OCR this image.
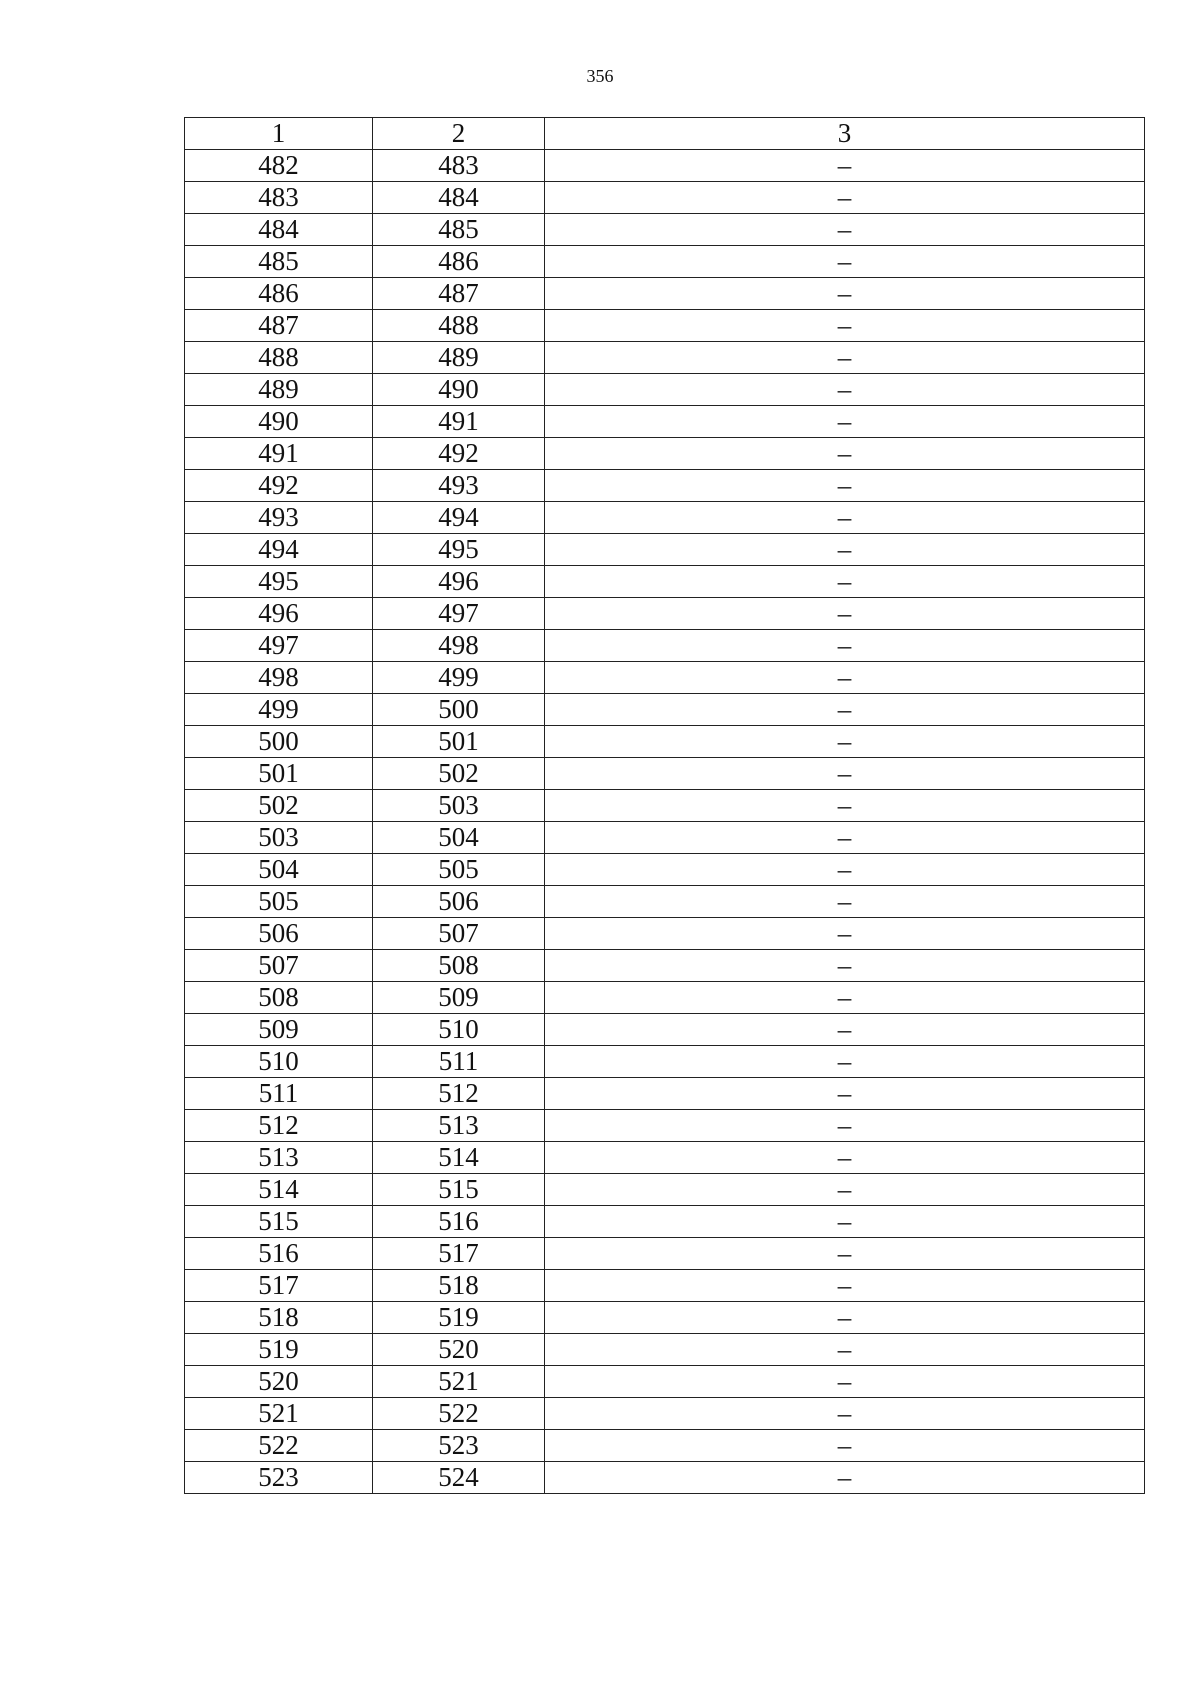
356
1	2	3
482	483	–
483	484	–
484	485	–
485	486	–
486	487	–
487	488	–
488	489	–
489	490	–
490	491	–
491	492	–
492	493	–
493	494	–
494	495	–
495	496	–
496	497	–
497	498	–
498	499	–
499	500	–
500	501	–
501	502	–
502	503	–
503	504	–
504	505	–
505	506	–
506	507	–
507	508	–
508	509	–
509	510	–
510	511	–
511	512	–
512	513	–
513	514	–
514	515	–
515	516	–
516	517	–
517	518	–
518	519	–
519	520	–
520	521	–
521	522	–
522	523	–
523	524	–
